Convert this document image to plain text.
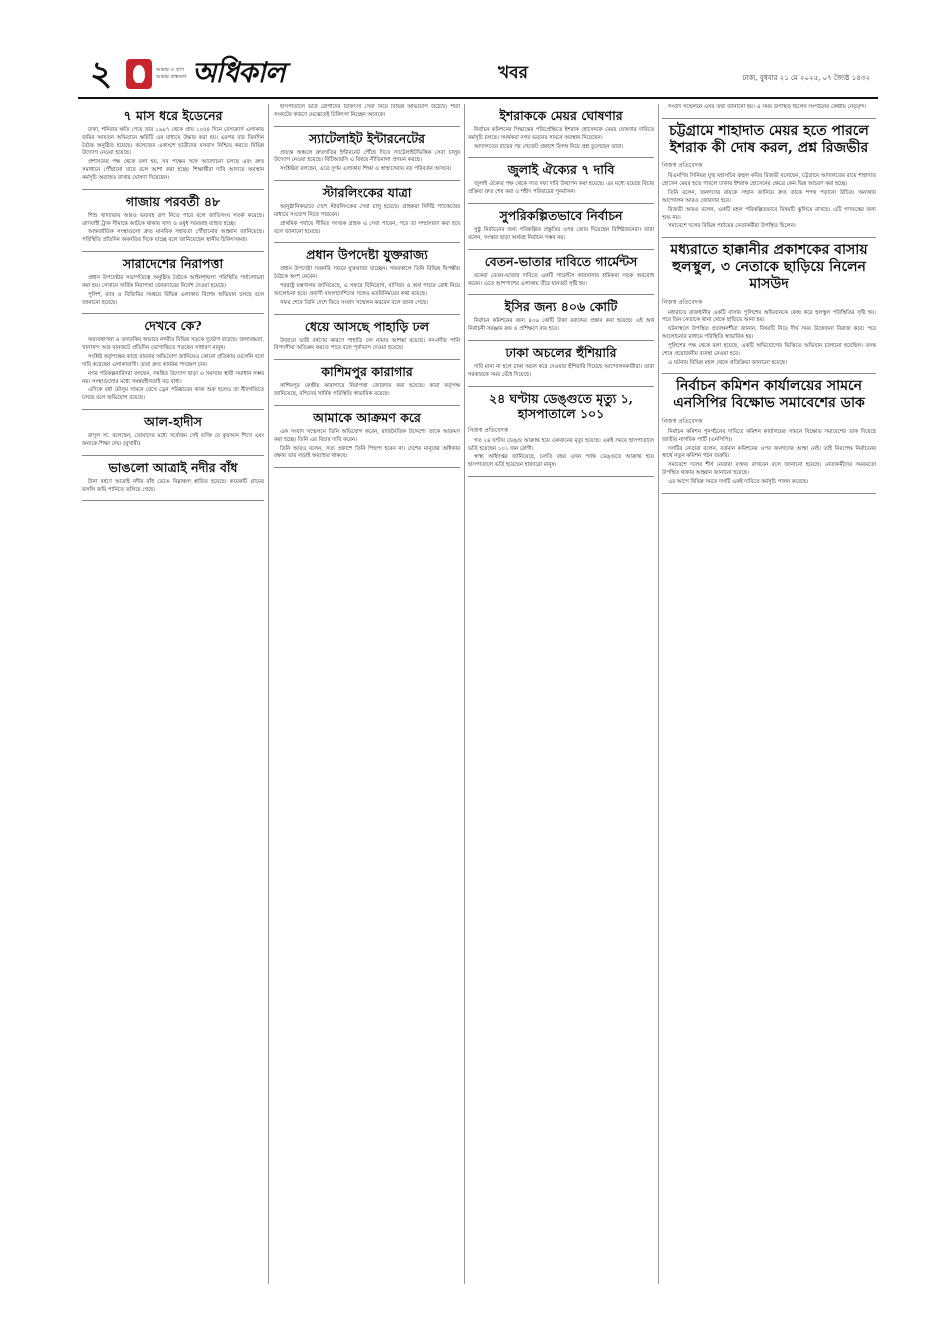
২	আমার ও প্রাণ আমার বাস্তবতা অধিকাল	খবর	ঢাকা, বুধবার ২১ মে ২০২৫, ০৭ জ্যৈষ্ঠ ১৪৩২
৭ মাস ধরে ইডেনের

ঢাকা, শনিবার ক্ষতি পেয়ে তার ১৯৯৭ থেকে প্রায় ১০৫৪ দিনে রেসকোর্স এলাকায় জমির আয়তন অভিযানে ক্ষমিটি এর মাধ্যমে উদ্ধার করা হয়। এরপর বার তিনদিন বৈঠক অনুষ্ঠিত হয়েছে। কলেজের একাংশে ছাত্রীদের বসবাস নিশ্চিত করতে বিভিন্ন উদ্যোগ নেওয়া হয়েছে।

প্রশাসনের পক্ষ থেকে বলা হয়, সব পক্ষের সঙ্গে আলোচনা চলছে এবং দ্রুত সমাধানে পৌঁছানো যাবে বলে আশা করা হচ্ছে। শিক্ষার্থীরা দাবি আদায়ে অবস্থান কর্মসূচি অব্যাহত রাখার ঘোষণা দিয়েছেন।

গাজায় পরবর্তী ৪৮

শিশু খাদ্যাভাব আরও ভয়াবহ রূপ নিতে পারে বলে জাতিসংঘ সতর্ক করেছে। ত্রাণবাহী ট্রাক সীমান্তে আটকে থাকায় খাদ্য ও ওষুধ সরবরাহ ব্যাহত হচ্ছে।

আন্তর্জাতিক সংস্থাগুলো দ্রুত মানবিক সহায়তা পৌঁছানোর আহ্বান জানিয়েছে। পরিস্থিতি প্রতিদিন অবনতির দিকে যাচ্ছে বলে জানিয়েছেন স্থানীয় চিকিৎসকরা।

সারাদেশের নিরাপত্তা

প্রধান উপদেষ্টার সভাপতিত্বে অনুষ্ঠিত বৈঠকে আইনশৃঙ্খলা পরিস্থিতি পর্যালোচনা করা হয়। সেখানে সার্বিক নিরাপত্তা জোরদারের নির্দেশ দেওয়া হয়েছে।

পুলিশ, র‍্যাব ও বিজিবির সমন্বয়ে বিভিন্ন এলাকায় বিশেষ অভিযান চলছে বলে জানানো হয়েছে।

দেখবে কে?

অব্যবস্থাপনা ও তদারকির অভাবে নগরীর বিভিন্ন সড়কে দুর্ভোগ বাড়ছে। জলাবদ্ধতা, খানাখন্দ আর যানজটে প্রতিদিন ভোগান্তিতে পড়ছেন সাধারণ মানুষ।

সংশ্লিষ্ট কর্তৃপক্ষের কাছে বারবার অভিযোগ জানিয়েও কোনো প্রতিকার মেলেনি বলে দাবি করেছেন এলাকাবাসী। তারা দ্রুত কার্যকর পদক্ষেপ চান।

নগর পরিকল্পনাবিদরা বলছেন, সমন্বিত উদ্যোগ ছাড়া এ সমস্যার স্থায়ী সমাধান সম্ভব নয়। সংস্থাগুলোর মধ্যে সমন্বয়হীনতাই বড় বাধা।

এদিকে বর্ষা মৌসুম সামনে রেখে ড্রেন পরিষ্কারের কাজ শুরু হলেও তা ধীরগতিতে চলছে বলে অভিযোগ রয়েছে।

আল-হাদীস

রাসূল সা. বলেছেন, তোমাদের মধ্যে সর্বোত্তম সেই ব্যক্তি যে কুরআন শিখে এবং অন্যকে শিক্ষা দেয়। (বুখারী)

ভাঙলো আত্রাই নদীর বাঁধ

টানা বর্ষণে আত্রাই নদীর বাঁধ ভেঙে নিম্নাঞ্চল প্লাবিত হয়েছে। কয়েকটি গ্রামের ফসলি জমি পানিতে তলিয়ে গেছে।

হাসপাতালে ভর্তি রোগীদের চিকিৎসা সেবা নিয়ে বিভিন্ন অভিযোগ উঠেছে। শয্যা সংকটের কারণে মেঝেতেই চিকিৎসা নিচ্ছেন অনেকে।

স্যাটেলাইট ইন্টারনেটের

প্রত্যন্ত অঞ্চলে দ্রুতগতির ইন্টারনেট পৌঁছে দিতে স্যাটেলাইটভিত্তিক সেবা চালুর উদ্যোগ নেওয়া হয়েছে। বিটিআরসি এ বিষয়ে নীতিমালা প্রণয়ন করছে।

সংশ্লিষ্টরা বলছেন, এতে দুর্গম এলাকায় শিক্ষা ও স্বাস্থ্যসেবায় বড় পরিবর্তন আসবে।

স্টারলিংকের যাত্রা

আনুষ্ঠানিকভাবে দেশে স্টারলিংকের সেবা চালু হয়েছে। গ্রাহকরা নির্দিষ্ট প্যাকেজের মাধ্যমে সংযোগ নিতে পারবেন।

প্রাথমিক পর্যায়ে সীমিত সংখ্যক গ্রাহক এ সেবা পাবেন, পরে তা সম্প্রসারণ করা হবে বলে জানানো হয়েছে।

প্রধান উপদেষ্টা যুক্তরাজ্য

প্রধান উপদেষ্টা সরকারি সফরে যুক্তরাজ্য যাচ্ছেন। সফরকালে তিনি বিভিন্ন দ্বিপক্ষীয় বৈঠকে অংশ নেবেন।

পররাষ্ট্র মন্ত্রণালয় জানিয়েছে, এ সফরে বিনিয়োগ, বাণিজ্য ও অর্থ পাচার রোধ নিয়ে আলোচনা হবে। প্রবাসী বাংলাদেশিদের সঙ্গেও মতবিনিময়ের কথা রয়েছে।

সফর শেষে তিনি দেশে ফিরে সংবাদ সম্মেলন করবেন বলে জানা গেছে।

ধেয়ে আসছে পাহাড়ি ঢল

উজানে ভারী বর্ষণের কারণে পাহাড়ি ঢল নামার আশঙ্কা রয়েছে। নদ-নদীর পানি বিপদসীমা অতিক্রম করতে পারে বলে পূর্বাভাস দেওয়া হয়েছে।

কাশিমপুর কারাগার

কাশিমপুর কেন্দ্রীয় কারাগারে নিরাপত্তা জোরদার করা হয়েছে। কারা কর্তৃপক্ষ জানিয়েছে, বন্দিদের সার্বিক পরিস্থিতি স্বাভাবিক রয়েছে।

আমাকে আক্রমণ করে

এক সংবাদ সম্মেলনে তিনি অভিযোগ করেন, রাজনৈতিক উদ্দেশ্যে তাকে আক্রমণ করা হচ্ছে। তিনি এর বিচার দাবি করেন।

তিনি আরও বলেন, সত্য প্রকাশে তিনি পিছপা হবেন না। দেশের মানুষের অধিকার রক্ষায় তার লড়াই অব্যাহত থাকবে।

ইশরাককে মেয়র ঘোষণার

নির্বাচন কমিশনের সিদ্ধান্তের পরিপ্রেক্ষিতে ইশরাক হোসেনকে মেয়র ঘোষণার দাবিতে কর্মসূচি চলছে। সমর্থকরা নগর ভবনের সামনে অবস্থান নিয়েছেন।

আদালতের রায়ের পর গেজেট প্রকাশে বিলম্ব নিয়ে প্রশ্ন তুলেছেন তারা।

জুলাই ঐক্যের ৭ দাবি

জুলাই ঐক্যের পক্ষ থেকে সাত দফা দাবি উত্থাপন করা হয়েছে। এর মধ্যে রয়েছে বিচার প্রক্রিয়া দ্রুত শেষ করা ও শহীদ পরিবারের পুনর্বাসন।

সুপরিকল্পিতভাবে নির্বাচন

সুষ্ঠু নির্বাচনের জন্য পরিকল্পিত প্রস্তুতির ওপর জোর দিয়েছেন বিশিষ্টজনেরা। তারা বলেন, সংস্কার ছাড়া অর্থবহ নির্বাচন সম্ভব নয়।

বেতন-ভাতার দাবিতে গার্মেন্টস

বকেয়া বেতন-ভাতার দাবিতে একটি গার্মেন্টস কারখানার শ্রমিকরা সড়ক অবরোধ করেন। এতে আশপাশের এলাকায় তীব্র যানজট সৃষ্টি হয়।

ইসির জন্য ৪০৬ কোটি

নির্বাচন কমিশনের জন্য ৪০৬ কোটি টাকা বরাদ্দের প্রস্তাব করা হয়েছে। এই অর্থ নির্বাচনী সরঞ্জাম ক্রয় ও প্রশিক্ষণে ব্যয় হবে।

ঢাকা অচলের হুঁশিয়ারি

দাবি মানা না হলে ঢাকা অচল করে দেওয়ার হুঁশিয়ারি দিয়েছে আন্দোলনকারীরা। তারা সরকারকে সময় বেঁধে দিয়েছে।

২৪ ঘণ্টায় ডেঙ্গুতে মৃত্যু ১, হাসপাতালে ১০১
নিজস্ব প্রতিবেদক

গত ২৪ ঘণ্টায় ডেঙ্গু আক্রান্ত হয়ে একজনের মৃত্যু হয়েছে। একই সময়ে হাসপাতালে ভর্তি হয়েছেন ১০১ জন রোগী।

স্বাস্থ্য অধিদপ্তর জানিয়েছে, চলতি বছর এখন পর্যন্ত ডেঙ্গুতে আক্রান্ত হয়ে হাসপাতালে ভর্তি হয়েছেন হাজারো মানুষ।

সংবাদ সম্মেলনে এসব তথ্য জানানো হয়। এ সময় উপস্থিত ছিলেন সংগঠনের কেন্দ্রীয় নেতৃবৃন্দ।

চট্টগ্রামে শাহাদাত মেয়র হতে পারলে ইশরাক কী দোষ করল, প্রশ্ন রিজভীর
নিজস্ব প্রতিবেদক

বিএনপির সিনিয়র যুগ্ম মহাসচিব রুহুল কবির রিজভী বলেছেন, চট্টগ্রামে আদালতের রায়ে শাহাদাত হোসেন মেয়র হতে পারলে ঢাকায় ইশরাক হোসেনের ক্ষেত্রে কেন ভিন্ন আচরণ করা হচ্ছে।

তিনি বলেন, জনগণের রায়কে সম্মান জানিয়ে দ্রুত তাকে শপথ পড়ানো উচিত। অন্যথায় আন্দোলন আরও জোরদার হবে।

রিজভী আরও বলেন, একটি মহল পরিকল্পিতভাবে বিষয়টি ঝুলিয়ে রাখছে। এটি গণতন্ত্রের জন্য শুভ নয়।

সমাবেশে দলের বিভিন্ন পর্যায়ের নেতাকর্মীরা উপস্থিত ছিলেন।

মধ্যরাতে হাক্কানীর প্রকাশকের বাসায় হুলস্থুল, ৩ নেতাকে ছাড়িয়ে নিলেন মাসউদ
নিজস্ব প্রতিবেদক

মধ্যরাতে রাজধানীর একটি বাসায় পুলিশের অভিযানকে কেন্দ্র করে হুলস্থুল পরিস্থিতির সৃষ্টি হয়। পরে তিন নেতাকে থানা থেকে ছাড়িয়ে আনা হয়।

ঘটনাস্থলে উপস্থিত প্রত্যক্ষদর্শীরা জানান, বিষয়টি নিয়ে দীর্ঘ সময় উত্তেজনা বিরাজ করে। পরে আলোচনার মাধ্যমে পরিস্থিতি স্বাভাবিক হয়।

পুলিশের পক্ষ থেকে বলা হয়েছে, একটি অভিযোগের ভিত্তিতে অভিযান চালানো হয়েছিল। তদন্ত শেষে প্রয়োজনীয় ব্যবস্থা নেওয়া হবে।

এ ঘটনায় বিভিন্ন মহল থেকে প্রতিক্রিয়া জানানো হয়েছে।

নির্বাচন কমিশন কার্যালয়ের সামনে এনসিপির বিক্ষোভ সমাবেশের ডাক
নিজস্ব প্রতিবেদক

নির্বাচন কমিশন পুনর্গঠনের দাবিতে কমিশন কার্যালয়ের সামনে বিক্ষোভ সমাবেশের ডাক দিয়েছে জাতীয় নাগরিক পার্টি (এনসিপি)।

দলটির নেতারা বলেন, বর্তমান কমিশনের ওপর জনগণের আস্থা নেই। তাই নিরপেক্ষ নির্বাচনের স্বার্থে নতুন কমিশন গঠন জরুরি।

সমাবেশে দলের শীর্ষ নেতারা বক্তব্য রাখবেন বলে জানানো হয়েছে। নেতাকর্মীদের সময়মতো উপস্থিত থাকার আহ্বান জানানো হয়েছে।

এর আগে বিভিন্ন সময়ে দলটি একই দাবিতে কর্মসূচি পালন করেছে।
